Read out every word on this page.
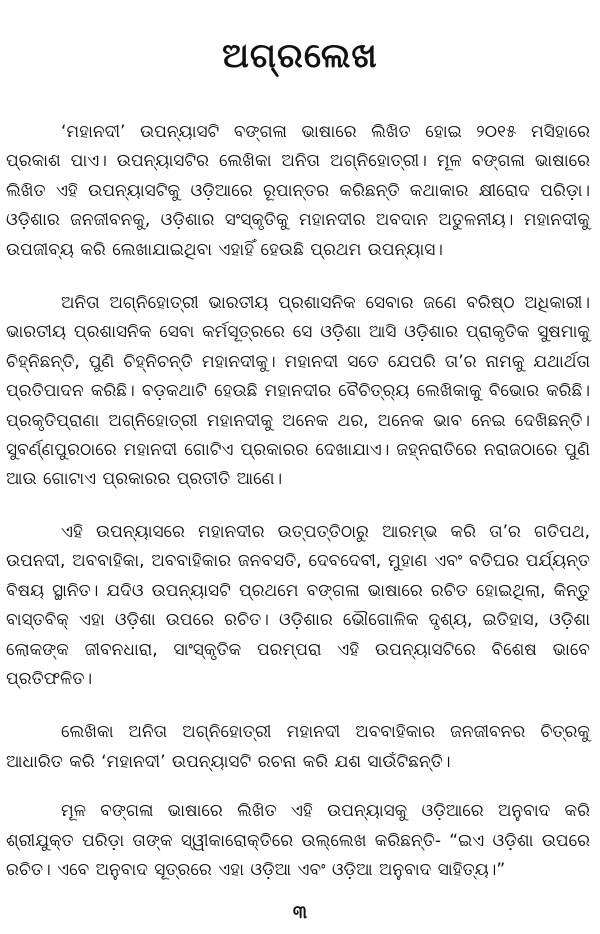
ଅଗ୍ରଲେଖ

‘ମହାନଦୀ’ ଉପନ୍ୟାସଟି ବଙ୍ଗଳା ଭାଷାରେ ଲିଖିତ ହୋଇ ୨୦୧୫ ମସିହାରେ ପ୍ରକାଶ ପାଏ। ଉପନ୍ୟାସଟିର ଲେଖିକା ଅନିତା ଅଗ୍ନିହୋତ୍ରୀ। ମୂଳ ବଙ୍ଗଳା ଭାଷାରେ ଲିଖିତ ଏହି ଉପନ୍ୟାସଟିକୁ ଓଡ଼ିଆରେ ରୂପାନ୍ତର କରିଛନ୍ତି କଥାକାର କ୍ଷୀରୋଦ ପରିଡ଼ା। ଓଡ଼ିଶାର ଜନଜୀବନକୁ, ଓଡ଼ିଶାର ସଂସ୍କୃତିକୁ ମହାନଦୀର ଅବଦାନ ଅତୁଳନୀୟ। ମହାନଦୀକୁ ଉପଜୀବ୍ୟ କରି ଲେଖାଯାଇଥିବା ଏହାହିଁ ହେଉଛି ପ୍ରଥମ ଉପନ୍ୟାସ।

ଅନିତା ଅଗ୍ନିହୋତ୍ରୀ ଭାରତୀୟ ପ୍ରଶାସନିକ ସେବାର ଜଣେ ବରିଷ୍ଠ ଅଧିକାରୀ। ଭାରତୀୟ ପ୍ରଶାସନିକ ସେବା କର୍ମସୂତ୍ରରେ ସେ ଓଡ଼ିଶା ଆସି ଓଡ଼ିଶାର ପ୍ରାକୃତିକ ସୁଷମାକୁ ଚିହ୍ନିଛନ୍ତି, ପୁଣି ଚିହ୍ନିଚନ୍ତି ମହାନଦୀକୁ। ମହାନଦୀ ସତେ ଯେପରି ତା’ର ନାମକୁ ଯଥାର୍ଥତା ପ୍ରତିପାଦନ କରିଛି। ବଡ଼କଥାଟି ହେଉଛି ମହାନଦୀର ବୈଚିତ୍ର୍ୟ ଲେଖିକାକୁ ବିଭୋର କରିଛି। ପ୍ରକୃତିପ୍ରାଣା ଅଗ୍ନିହୋତ୍ରୀ ମହାନଦୀକୁ ଅନେକ ଥର, ଅନେକ ଭାବ ନେଇ ଦେଖିଛନ୍ତି। ସୁବର୍ଣ୍ଣପୁରଠାରେ ମହାନଦୀ ଗୋଟିଏ ପ୍ରକାରର ଦେଖାଯାଏ। ଜହ୍ନରାତିରେ ନରାଜଠାରେ ପୁଣି ଆଉ ଗୋଟାଏ ପ୍ରକାରର ପ୍ରତୀତି ଆଣେ।

ଏହି ଉପନ୍ୟାସରେ ମହାନଦୀର ଉତ୍ପତ୍ତିଠାରୁ ଆରମ୍ଭ କରି ତା’ର ଗତିପଥ, ଉପନଦୀ, ଅବବାହିକା, ଅବବାହିକାର ଜନବସତି, ଦେବଦେବୀ, ମୁହାଣ ଏବଂ ବତିଘର ପର୍ଯ୍ୟନ୍ତ ବିଷୟ ସ୍ଥାନିତ। ଯଦିଓ ଉପନ୍ୟାସଟି ପ୍ରଥମେ ବଙ୍ଗଳା ଭାଷାରେ ରଚିତ ହୋଇଥିଲା, କିନ୍ତୁ ବାସ୍ତବିକ୍ ଏହା ଓଡ଼ିଶା ଉପରେ ରଚିତ। ଓଡ଼ିଶାର ଭୌଗୋଳିକ ଦୃଶ୍ୟ, ଇତିହାସ, ଓଡ଼ିଶା ଲୋକଙ୍କ ଜୀବନଧାରା, ସାଂସ୍କୃତିକ ପରମ୍ପରା ଏହି ଉପନ୍ୟାସଟିରେ ବିଶେଷ ଭାବେ ପ୍ରତିଫଳିତ।

ଲେଖିକା ଅନିତା ଅଗ୍ନିହୋତ୍ରୀ ମହାନଦୀ ଅବବାହିକାର ଜନଜୀବନର ଚିତ୍ରକୁ ଆଧାରିତ କରି ‘ମହାନଦୀ’ ଉପନ୍ୟାସଟି ରଚନା କରି ଯଶ ସାଉଁଟିଛନ୍ତି।

ମୂଳ ବଙ୍ଗଳା ଭାଷାରେ ଲିଖିତ ଏହି ଉପନ୍ୟାସକୁ ଓଡ଼ିଆରେ ଅନୁବାଦ କରି ଶ୍ରୀଯୁକ୍ତ ପରିଡ଼ା ତାଙ୍କ ସ୍ୱୀକାରୋକ୍ତିରେ ଉଲ୍ଲେଖ କରିଛନ୍ତି- “ଇଏ ଓଡ଼ିଶା ଉପରେ ରଚିତ। ଏବେ ଅନୁବାଦ ସୂତ୍ରରେ ଏହା ଓଡ଼ିଆ ଏବଂ ଓଡ଼ିଆ ଅନୁବାଦ ସାହିତ୍ୟ।”

୩
